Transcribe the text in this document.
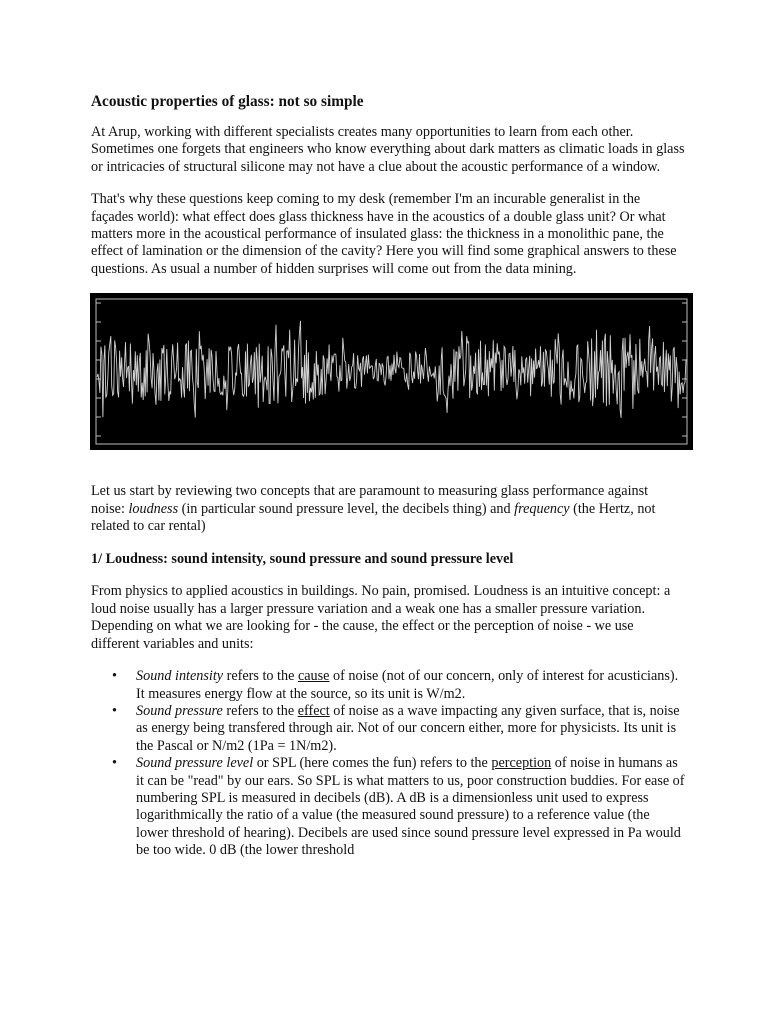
Acoustic properties of glass: not so simple

At Arup, working with different specialists creates many opportunities to learn from each other. Sometimes one forgets that engineers who know everything about dark matters as climatic loads in glass or intricacies of structural silicone may not have a clue about the acoustic performance of a window.

That's why these questions keep coming to my desk (remember I'm an incurable generalist in the façades world): what effect does glass thickness have in the acoustics of a double glass unit? Or what matters more in the acoustical performance of insulated glass: the thickness in a monolithic pane, the effect of lamination or the dimension of the cavity? Here you will find some graphical answers to these questions. As usual a number of hidden surprises will come out from the data mining.

Let us start by reviewing two concepts that are paramount to measuring glass performance against noise: loudness (in particular sound pressure level, the decibels thing) and frequency (the Hertz, not related to car rental)

1/ Loudness: sound intensity, sound pressure and sound pressure level

From physics to applied acoustics in buildings. No pain, promised. Loudness is an intuitive concept: a loud noise usually has a larger pressure variation and a weak one has a smaller pressure variation. Depending on what we are looking for - the cause, the effect or the perception of noise - we use different variables and units:

• Sound intensity refers to the cause of noise (not of our concern, only of interest for acusticians). It measures energy flow at the source, so its unit is W/m2.
• Sound pressure refers to the effect of noise as a wave impacting any given surface, that is, noise as energy being transfered through air. Not of our concern either, more for physicists. Its unit is the Pascal or N/m2 (1Pa = 1N/m2).
• Sound pressure level or SPL (here comes the fun) refers to the perception of noise in humans as it can be "read" by our ears. So SPL is what matters to us, poor construction buddies. For ease of numbering SPL is measured in decibels (dB). A dB is a dimensionless unit used to express logarithmically the ratio of a value (the measured sound pressure) to a reference value (the lower threshold of hearing). Decibels are used since sound pressure level expressed in Pa would be too wide. 0 dB (the lower threshold
